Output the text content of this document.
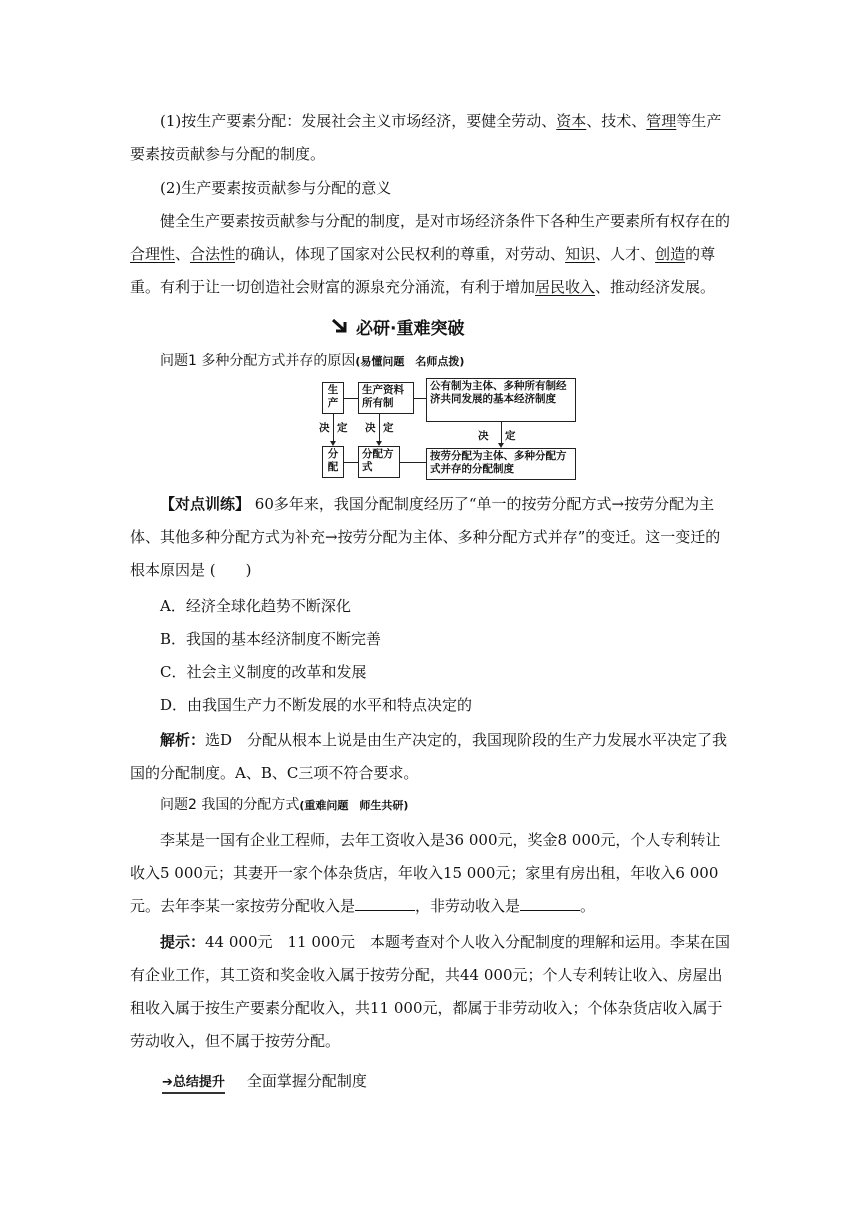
(1)按生产要素分配：发展社会主义市场经济，要健全劳动、资本、技术、管理等生产要素按贡献参与分配的制度。

(2)生产要素按贡献参与分配的意义

健全生产要素按贡献参与分配的制度，是对市场经济条件下各种生产要素所有权存在的合理性、合法性的确认，体现了国家对公民权利的尊重，对劳动、知识、人才、创造的尊重。有利于让一切创造社会财富的源泉充分涌流，有利于增加居民收入、推动经济发展。

必研·重难突破
问题1 多种分配方式并存的原因(易懂问题　名师点拨)
生产
生产资料所有制
公有制为主体、多种所有制经济共同发展的基本经济制度
分配
分配方式
按劳分配为主体、多种分配方式并存的分配制度
决 定 决 定
决 定

【对点训练】 60多年来，我国分配制度经历了“单一的按劳分配方式→按劳分配为主体、其他多种分配方式为补充→按劳分配为主体、多种分配方式并存”的变迁。这一变迁的根本原因是 (　　)

A．经济全球化趋势不断深化

B．我国的基本经济制度不断完善

C．社会主义制度的改革和发展

D．由我国生产力不断发展的水平和特点决定的

解析：选D　分配从根本上说是由生产决定的，我国现阶段的生产力发展水平决定了我国的分配制度。A、B、C三项不符合要求。

问题2 我国的分配方式(重难问题　师生共研)

李某是一国有企业工程师，去年工资收入是36 000元，奖金8 000元，个人专利转让收入5 000元；其妻开一家个体杂货店，年收入15 000元；家里有房出租，年收入6 000元。去年李某一家按劳分配收入是	，非劳动收入是	。

提示：44 000元　11 000元　本题考查对个人收入分配制度的理解和运用。李某在国有企业工作，其工资和奖金收入属于按劳分配，共44 000元；个人专利转让收入、房屋出租收入属于按生产要素分配收入，共11 000元，都属于非劳动收入；个体杂货店收入属于劳动收入，但不属于按劳分配。

➔总结提升 全面掌握分配制度
